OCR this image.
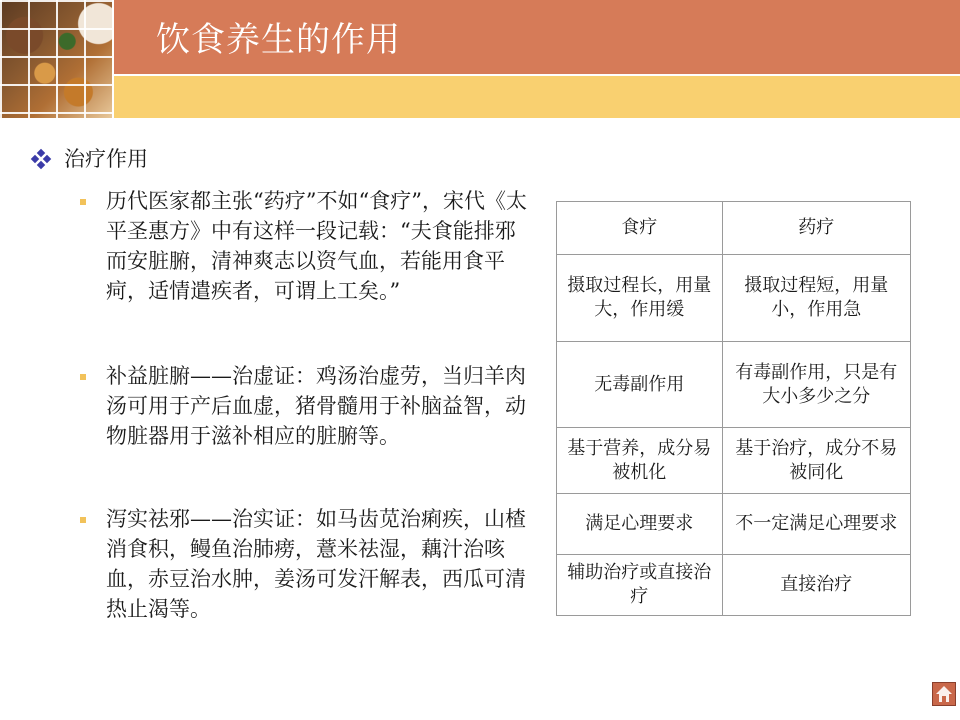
饮食养生的作用
治疗作用

历代医家都主张“药疗”不如“食疗”，宋代《太平圣惠方》中有这样一段记载：“夫食能排邪而安脏腑，清神爽志以资气血，若能用食平疴，适情遣疾者，可谓上工矣。”

补益脏腑——治虚证：鸡汤治虚劳，当归羊肉汤可用于产后血虚，猪骨髓用于补脑益智，动物脏器用于滋补相应的脏腑等。

泻实祛邪——治实证：如马齿苋治痢疾，山楂消食积，鳗鱼治肺痨，薏米祛湿，藕汁治咳血，赤豆治水肿，姜汤可发汗解表，西瓜可清热止渴等。

食疗	药疗
摄取过程长，用量大，作用缓	摄取过程短，用量小，作用急
无毒副作用	有毒副作用，只是有大小多少之分
基于营养，成分易被机化	基于治疗，成分不易被同化
满足心理要求	不一定满足心理要求
辅助治疗或直接治疗	直接治疗
